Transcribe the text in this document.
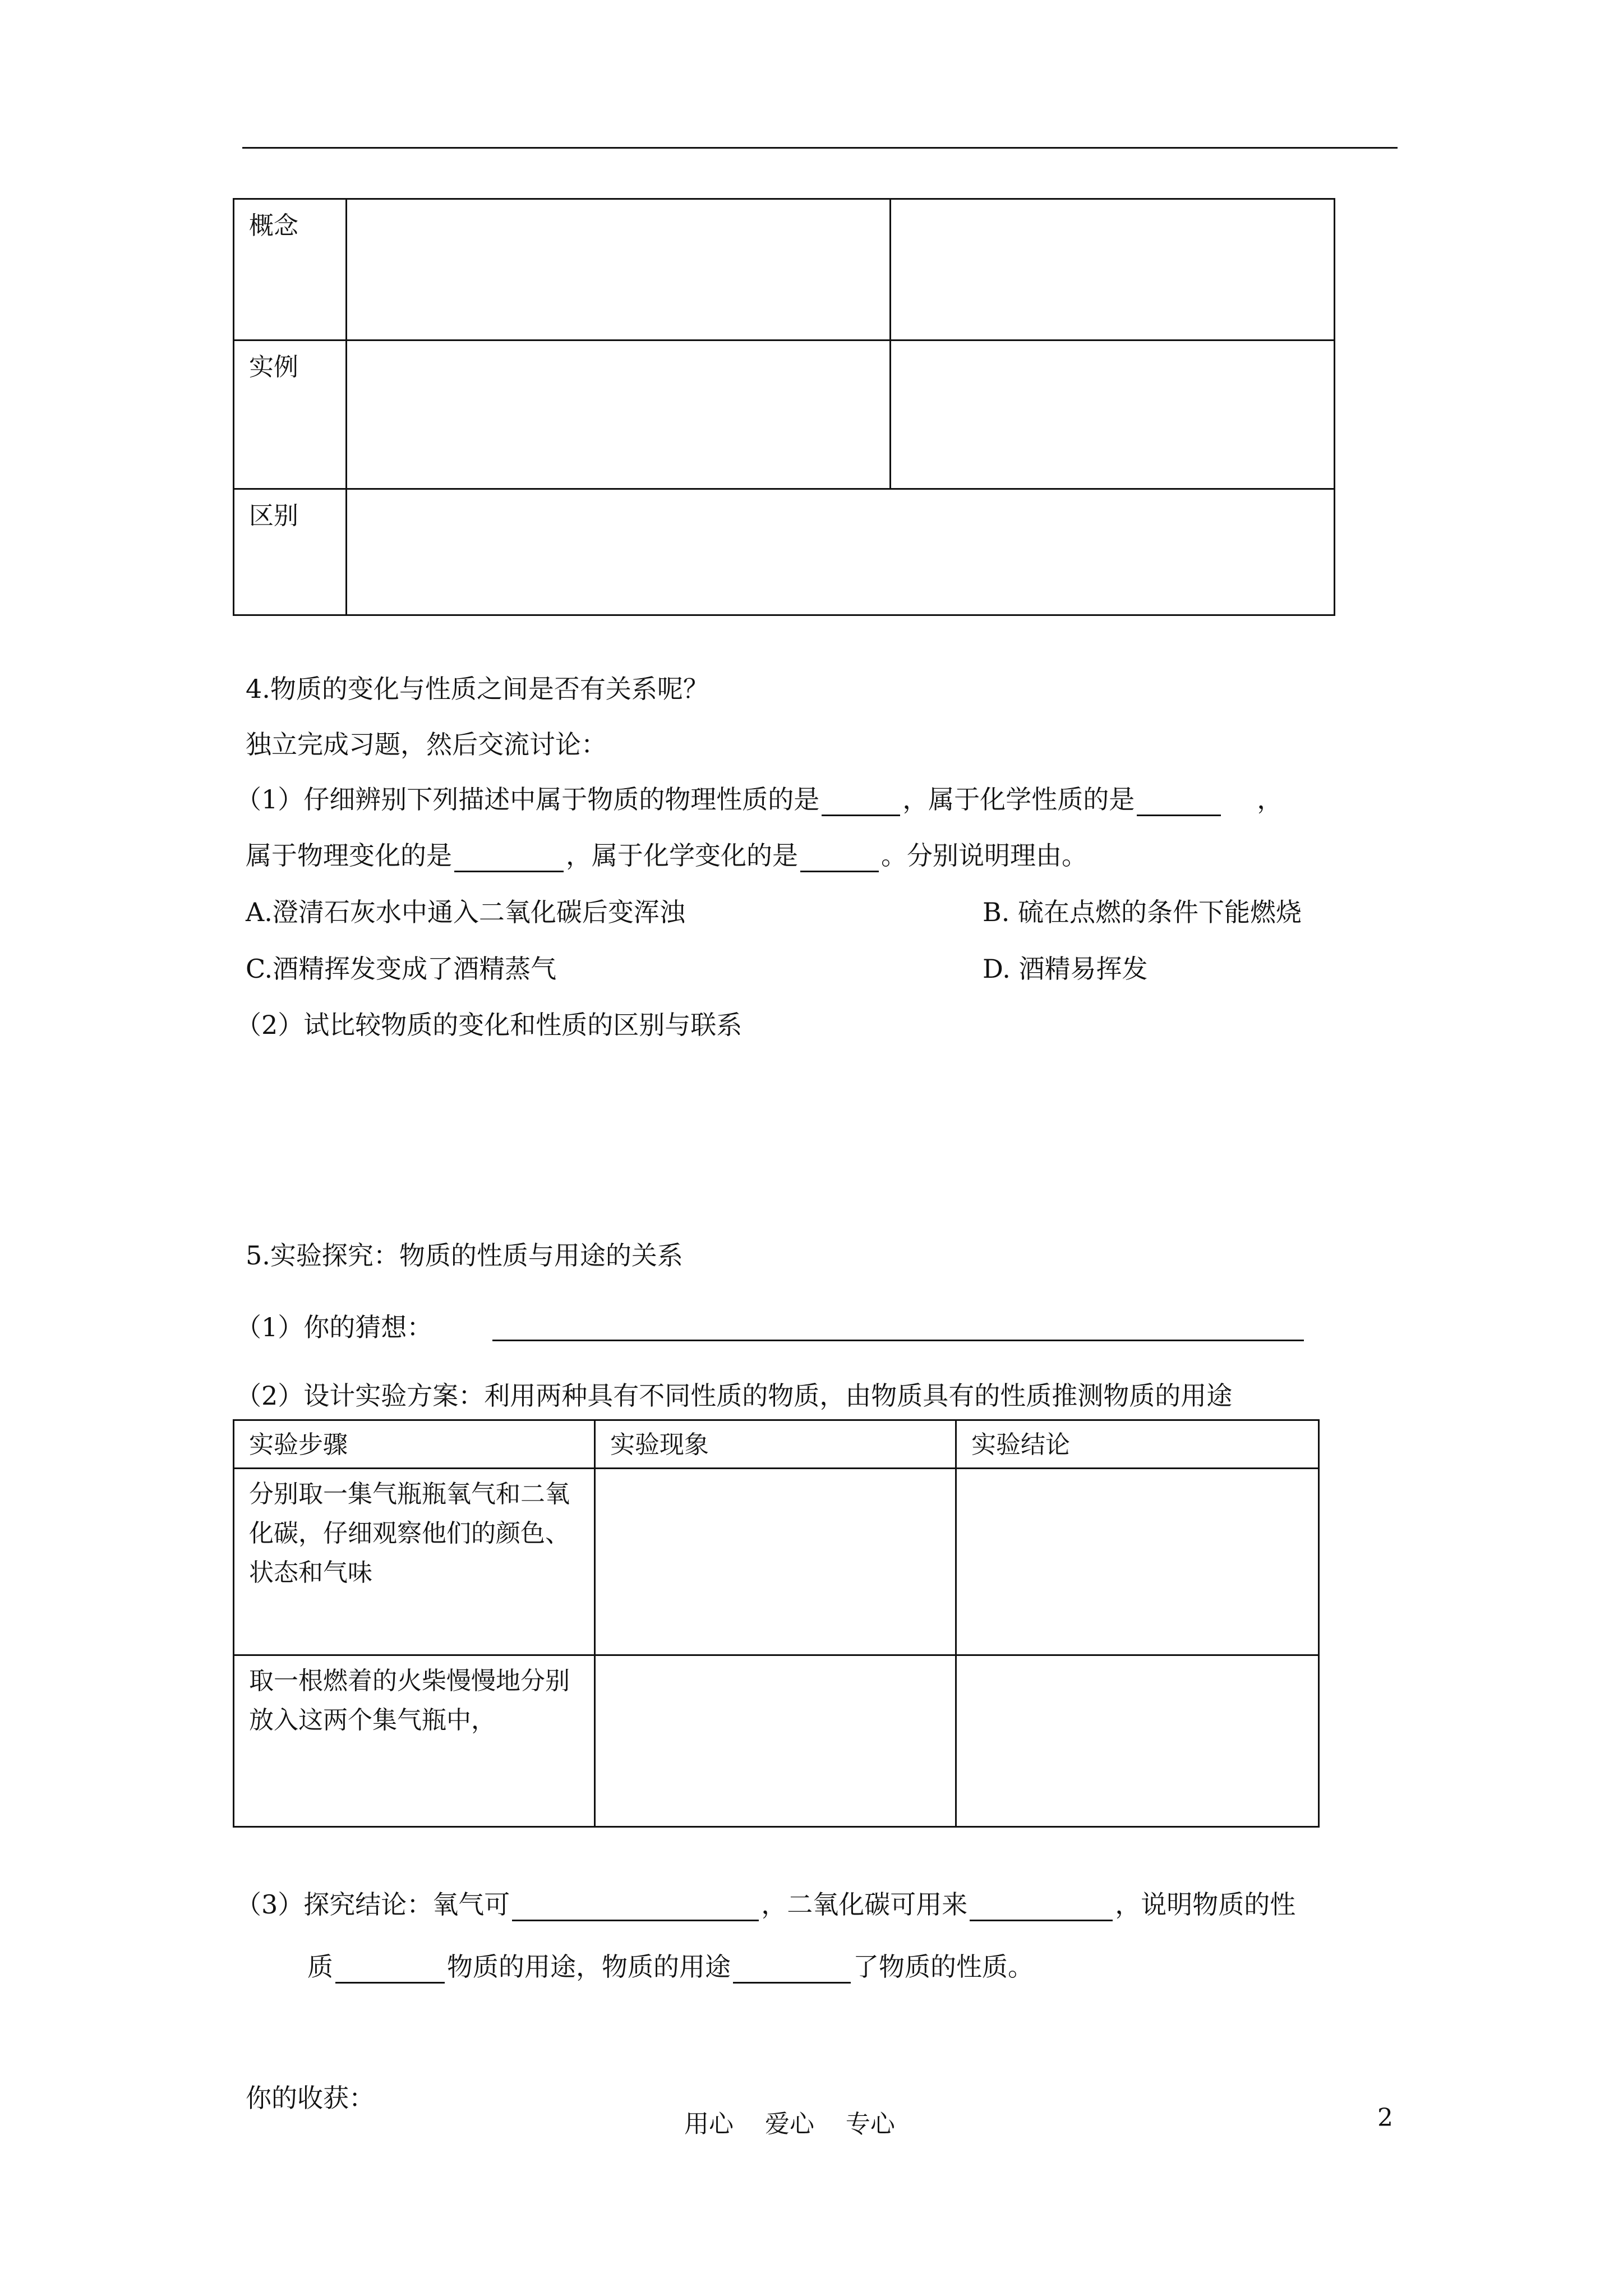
概念		
实例		
区别		
4.物质的变化与性质之间是否有关系呢？
独立完成习题，然后交流讨论：
（1）仔细辨别下列描述中属于物质的物理性质的是	，属于化学性质的是	，
属于物理变化的是	，属于化学变化的是	。分别说明理由。
A.澄清石灰水中通入二氧化碳后变浑浊	B. 硫在点燃的条件下能燃烧
C.酒精挥发变成了酒精蒸气	D. 酒精易挥发
（2）试比较物质的变化和性质的区别与联系
5.实验探究：物质的性质与用途的关系
（1）你的猜想：
（2）设计实验方案：利用两种具有不同性质的物质，由物质具有的性质推测物质的用途
实验步骤	实验现象	实验结论
分别取一集气瓶瓶氧气和二氧化碳，仔细观察他们的颜色、状态和气味		
取一根燃着的火柴慢慢地分别放入这两个集气瓶中，		
（3）探究结论：氧气可	，二氧化碳可用来	，说明物质的性
质	物质的用途，物质的用途	了物质的性质。
你的收获：
用心    爱心    专心	2
